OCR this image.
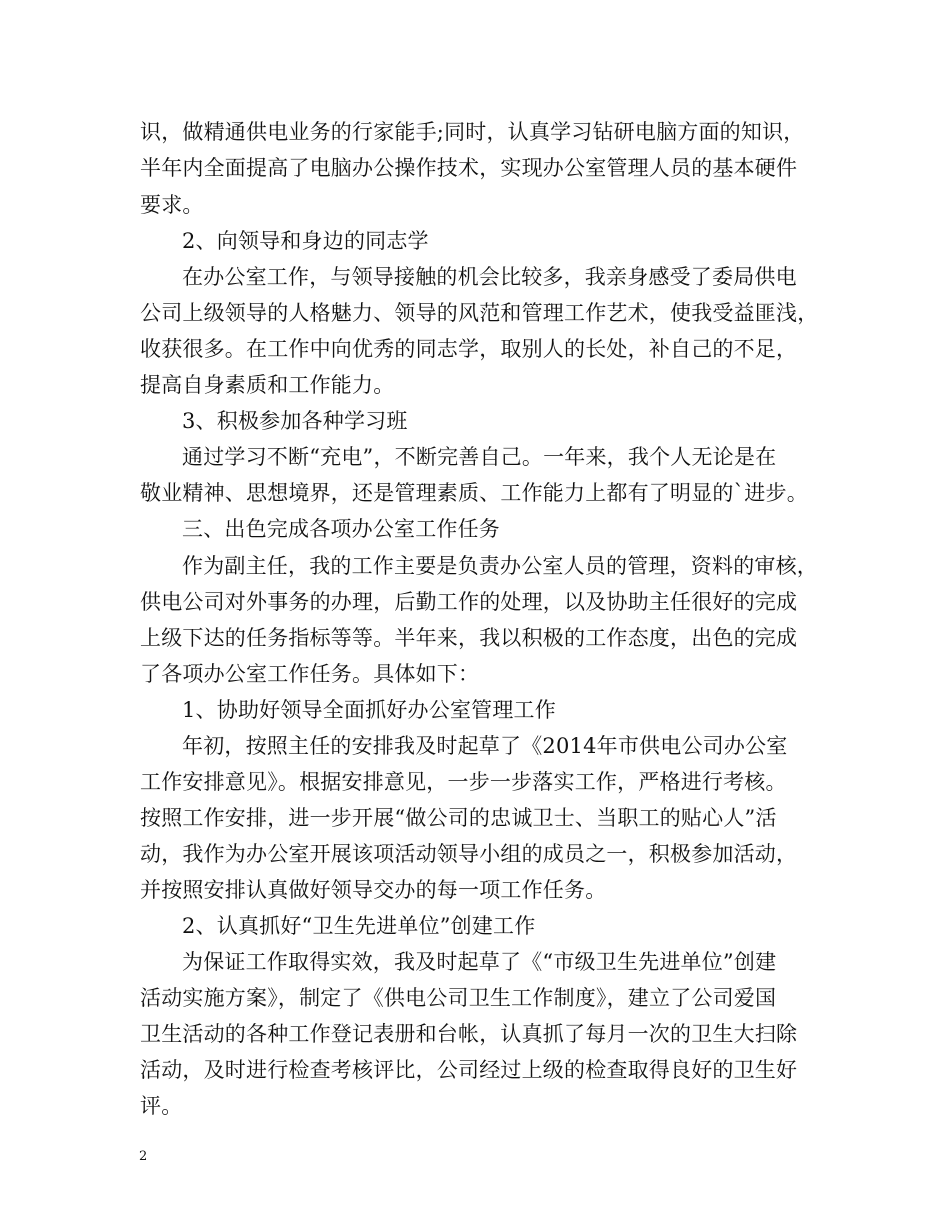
识，做精通供电业务的行家能手;同时，认真学习钻研电脑方面的知识，
半年内全面提高了电脑办公操作技术，实现办公室管理人员的基本硬件
要求。
2、向领导和身边的同志学
在办公室工作，与领导接触的机会比较多，我亲身感受了委局供电
公司上级领导的人格魅力、领导的风范和管理工作艺术，使我受益匪浅，
收获很多。在工作中向优秀的同志学，取别人的长处，补自己的不足，
提高自身素质和工作能力。
3、积极参加各种学习班
通过学习不断“充电”，不断完善自己。一年来，我个人无论是在
敬业精神、思想境界，还是管理素质、工作能力上都有了明显的`进步。
三、出色完成各项办公室工作任务
作为副主任，我的工作主要是负责办公室人员的管理，资料的审核，
供电公司对外事务的办理，后勤工作的处理，以及协助主任很好的完成
上级下达的任务指标等等。半年来，我以积极的工作态度，出色的完成
了各项办公室工作任务。具体如下：
1、协助好领导全面抓好办公室管理工作
年初，按照主任的安排我及时起草了《2014年市供电公司办公室
工作安排意见》。根据安排意见，一步一步落实工作，严格进行考核。
按照工作安排，进一步开展“做公司的忠诚卫士、当职工的贴心人”活
动，我作为办公室开展该项活动领导小组的成员之一，积极参加活动，
并按照安排认真做好领导交办的每一项工作任务。
2、认真抓好“卫生先进单位”创建工作
为保证工作取得实效，我及时起草了《“市级卫生先进单位”创建
活动实施方案》，制定了《供电公司卫生工作制度》，建立了公司爱国
卫生活动的各种工作登记表册和台帐，认真抓了每月一次的卫生大扫除
活动，及时进行检查考核评比，公司经过上级的检查取得良好的卫生好
评。
2
